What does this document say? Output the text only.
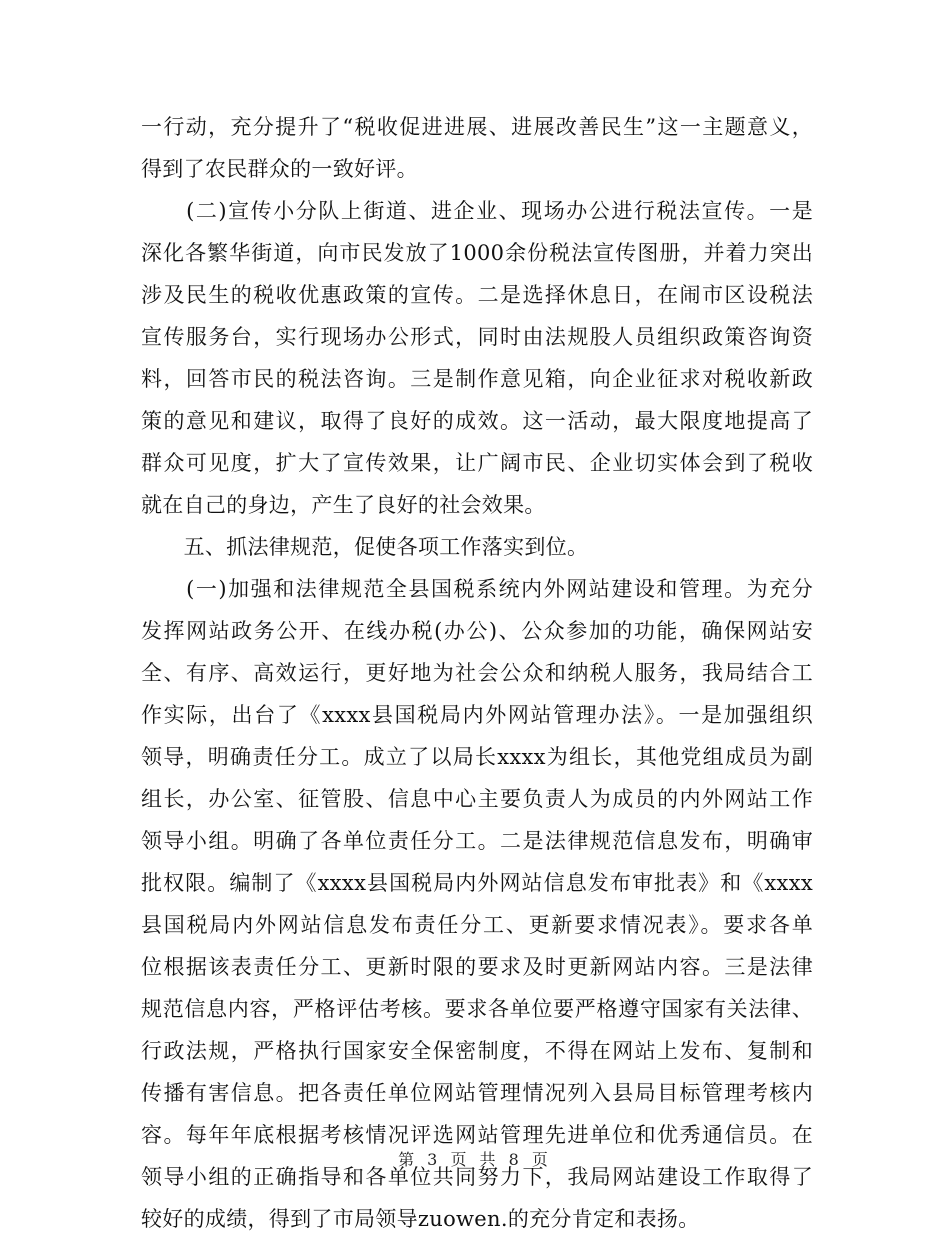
一行动，充分提升了“税收促进进展、进展改善民生”这一主题意义，
得到了农民群众的一致好评。
　　(二)宣传小分队上街道、进企业、现场办公进行税法宣传。一是
深化各繁华街道，向市民发放了1000余份税法宣传图册，并着力突出
涉及民生的税收优惠政策的宣传。二是选择休息日，在闹市区设税法
宣传服务台，实行现场办公形式，同时由法规股人员组织政策咨询资
料，回答市民的税法咨询。三是制作意见箱，向企业征求对税收新政
策的意见和建议，取得了良好的成效。这一活动，最大限度地提高了
群众可见度，扩大了宣传效果，让广阔市民、企业切实体会到了税收
就在自己的身边，产生了良好的社会效果。
　　五、抓法律规范，促使各项工作落实到位。
　　(一)加强和法律规范全县国税系统内外网站建设和管理。为充分
发挥网站政务公开、在线办税(办公)、公众参加的功能，确保网站安
全、有序、高效运行，更好地为社会公众和纳税人服务，我局结合工
作实际，出台了《xxxx县国税局内外网站管理办法》。一是加强组织
领导，明确责任分工。成立了以局长xxxx为组长，其他党组成员为副
组长，办公室、征管股、信息中心主要负责人为成员的内外网站工作
领导小组。明确了各单位责任分工。二是法律规范信息发布，明确审
批权限。编制了《xxxx县国税局内外网站信息发布审批表》和《xxxx
县国税局内外网站信息发布责任分工、更新要求情况表》。要求各单
位根据该表责任分工、更新时限的要求及时更新网站内容。三是法律
规范信息内容，严格评估考核。要求各单位要严格遵守国家有关法律、
行政法规，严格执行国家安全保密制度，不得在网站上发布、复制和
传播有害信息。把各责任单位网站管理情况列入县局目标管理考核内
容。每年年底根据考核情况评选网站管理先进单位和优秀通信员。在
领导小组的正确指导和各单位共同努力下，我局网站建设工作取得了
较好的成绩，得到了市局领导zuowen.的充分肯定和表扬。
第 3 页 共 8 页
